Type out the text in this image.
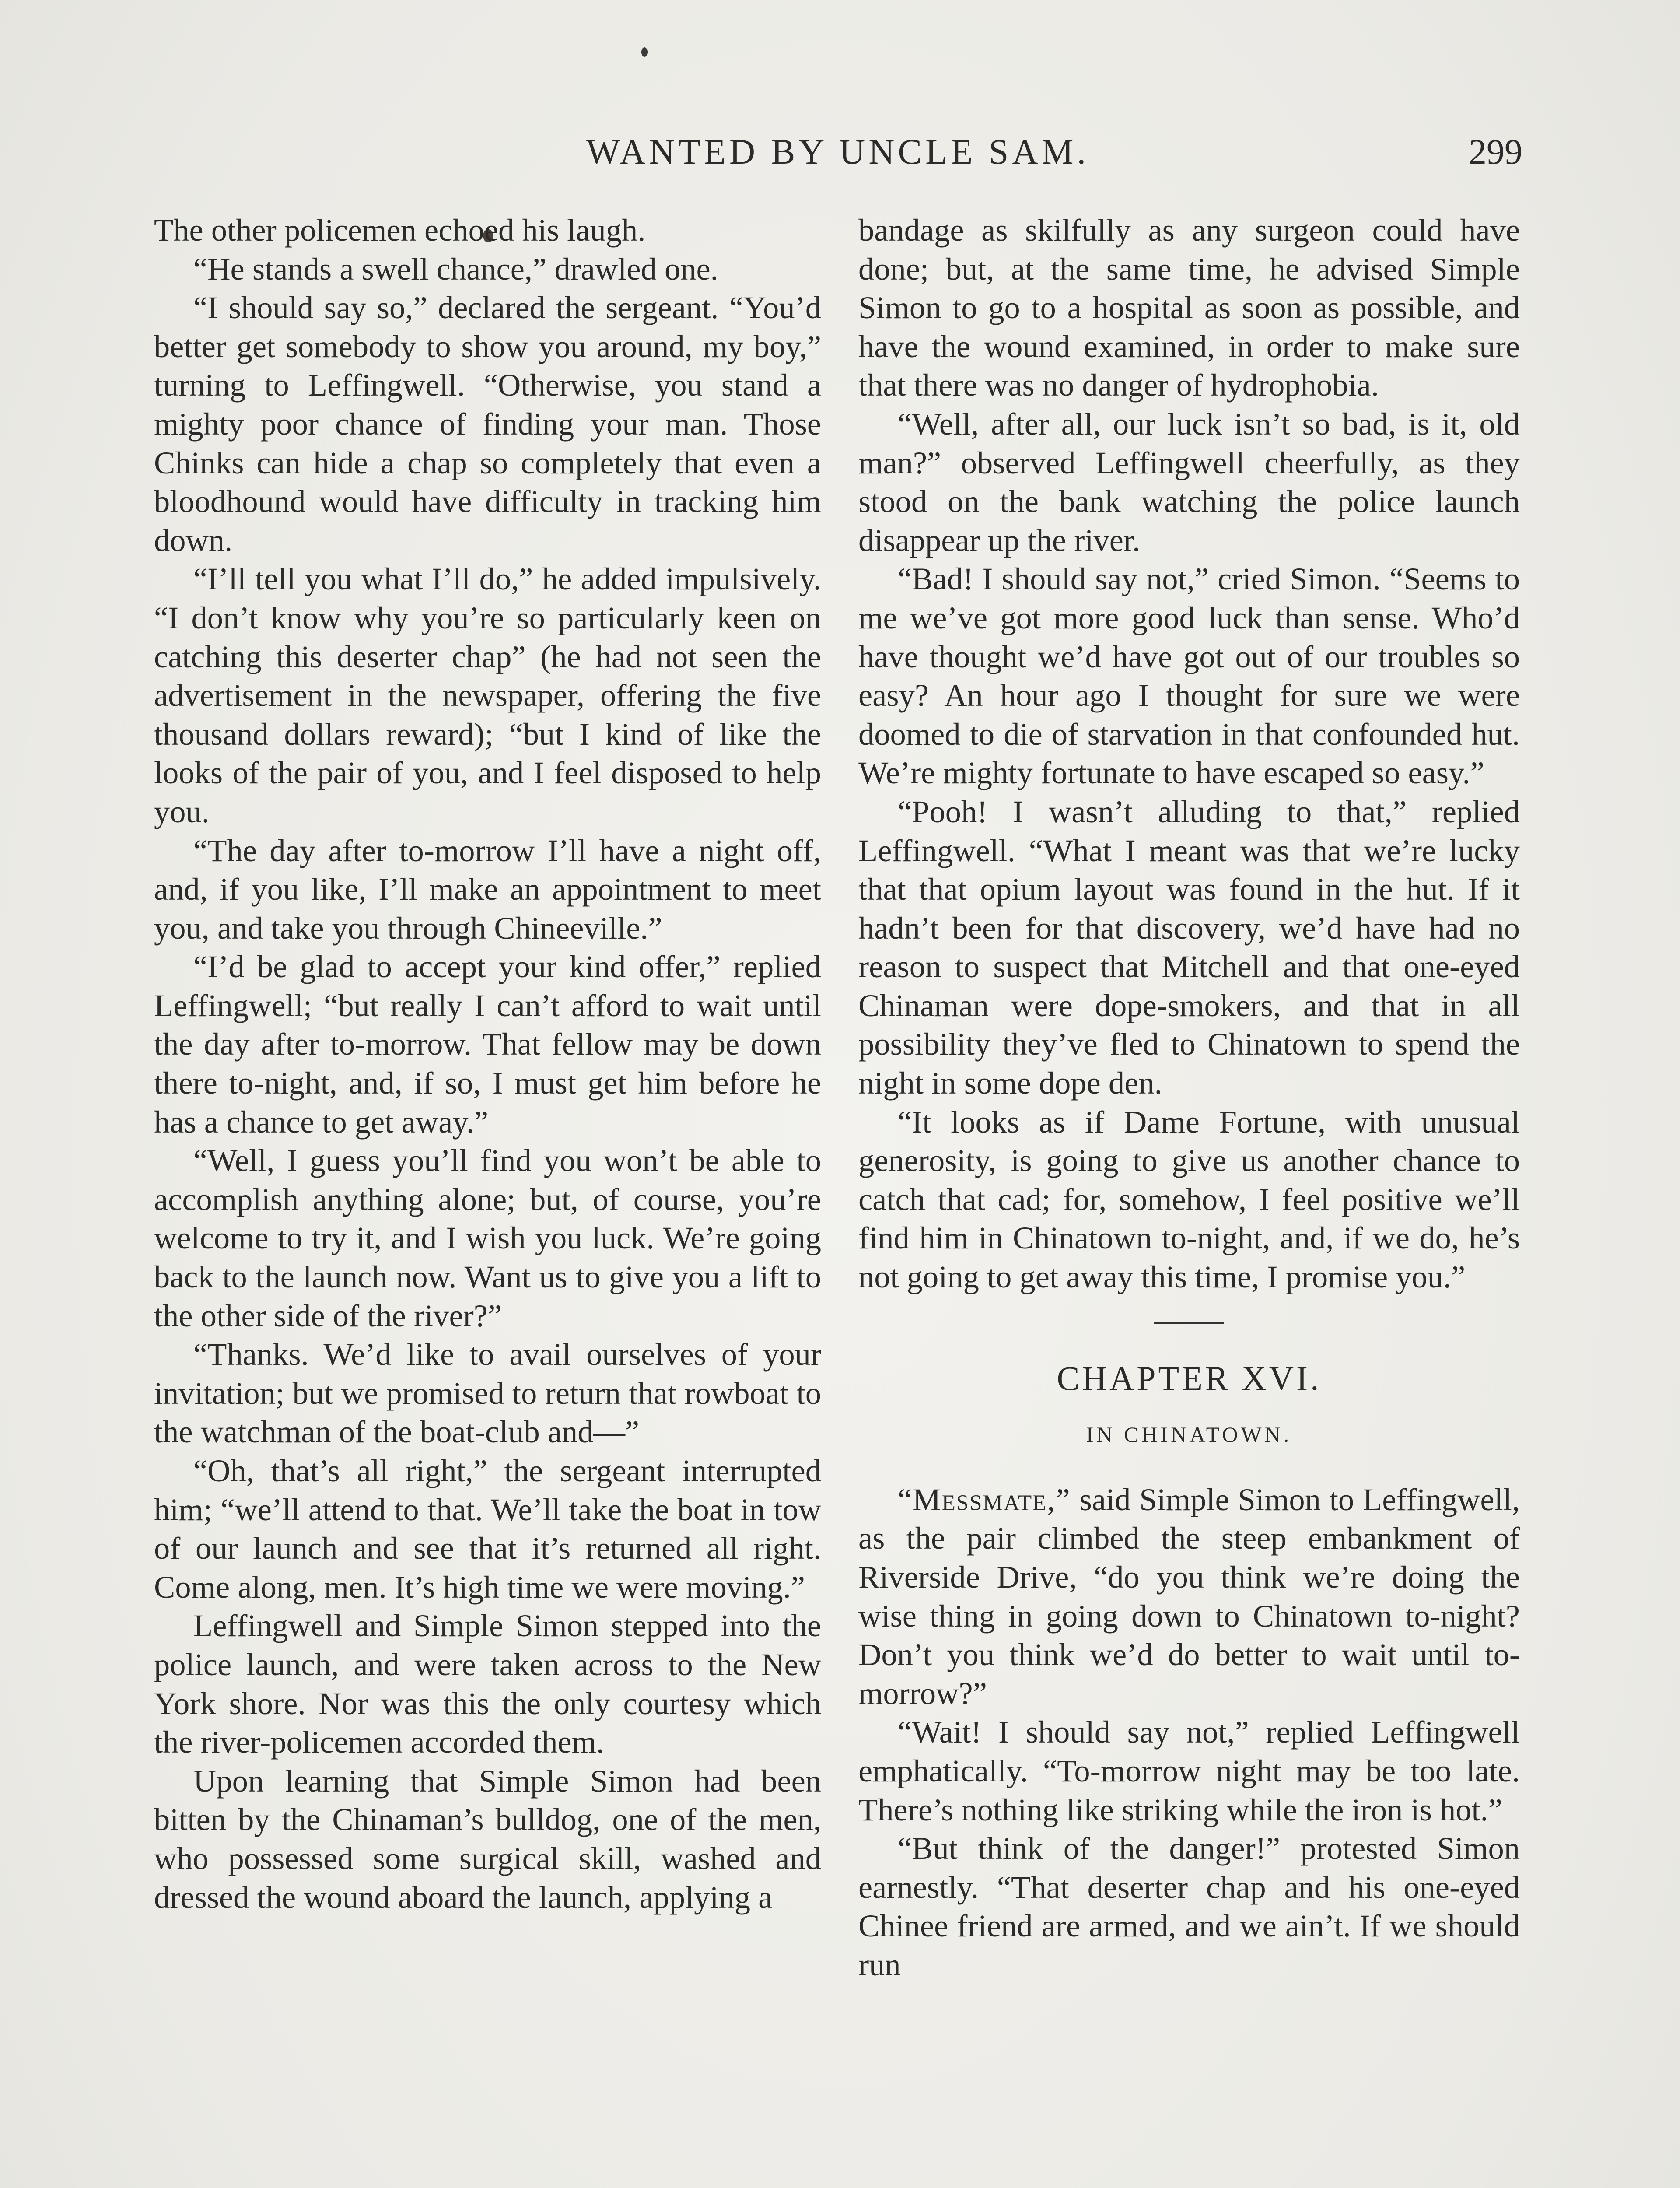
WANTED BY UNCLE SAM.	299

The other policemen echoed his laugh.

“He stands a swell chance,” drawled one.

“I should say so,” declared the sergeant. “You’d better get somebody to show you around, my boy,” turning to Leffingwell. “Otherwise, you stand a mighty poor chance of finding your man. Those Chinks can hide a chap so completely that even a bloodhound would have difficulty in tracking him down.

“I’ll tell you what I’ll do,” he added impulsively. “I don’t know why you’re so particularly keen on catching this deserter chap” (he had not seen the advertisement in the newspaper, offering the five thousand dollars reward); “but I kind of like the looks of the pair of you, and I feel disposed to help you.

“The day after to-morrow I’ll have a night off, and, if you like, I’ll make an appointment to meet you, and take you through Chineeville.”

“I’d be glad to accept your kind offer,” replied Leffingwell; “but really I can’t afford to wait until the day after to-morrow. That fellow may be down there to-night, and, if so, I must get him before he has a chance to get away.”

“Well, I guess you’ll find you won’t be able to accomplish anything alone; but, of course, you’re welcome to try it, and I wish you luck. We’re going back to the launch now. Want us to give you a lift to the other side of the river?”

“Thanks. We’d like to avail ourselves of your invitation; but we promised to return that rowboat to the watchman of the boat-club and—”

“Oh, that’s all right,” the sergeant interrupted him; “we’ll attend to that. We’ll take the boat in tow of our launch and see that it’s returned all right. Come along, men. It’s high time we were moving.”

Leffingwell and Simple Simon stepped into the police launch, and were taken across to the New York shore. Nor was this the only courtesy which the river-policemen accorded them.

Upon learning that Simple Simon had been bitten by the Chinaman’s bulldog, one of the men, who possessed some surgical skill, washed and dressed the wound aboard the launch, applying a

bandage as skilfully as any surgeon could have done; but, at the same time, he advised Simple Simon to go to a hospital as soon as possible, and have the wound examined, in order to make sure that there was no danger of hydrophobia.

“Well, after all, our luck isn’t so bad, is it, old man?” observed Leffingwell cheerfully, as they stood on the bank watching the police launch disappear up the river.

“Bad! I should say not,” cried Simon. “Seems to me we’ve got more good luck than sense. Who’d have thought we’d have got out of our troubles so easy? An hour ago I thought for sure we were doomed to die of starvation in that confounded hut. We’re mighty fortunate to have escaped so easy.”

“Pooh! I wasn’t alluding to that,” replied Leffingwell. “What I meant was that we’re lucky that that opium layout was found in the hut. If it hadn’t been for that discovery, we’d have had no reason to suspect that Mitchell and that one-eyed Chinaman were dope-smokers, and that in all possibility they’ve fled to Chinatown to spend the night in some dope den.

“It looks as if Dame Fortune, with unusual generosity, is going to give us another chance to catch that cad; for, somehow, I feel positive we’ll find him in Chinatown to-night, and, if we do, he’s not going to get away this time, I promise you.”

CHAPTER XVI.
IN CHINATOWN.

“Messmate,” said Simple Simon to Leffingwell, as the pair climbed the steep embankment of Riverside Drive, “do you think we’re doing the wise thing in going down to Chinatown to-night? Don’t you think we’d do better to wait until to-morrow?”

“Wait! I should say not,” replied Leffingwell emphatically. “To-morrow night may be too late. There’s nothing like striking while the iron is hot.”

“But think of the danger!” protested Simon earnestly. “That deserter chap and his one-eyed Chinee friend are armed, and we ain’t. If we should run
